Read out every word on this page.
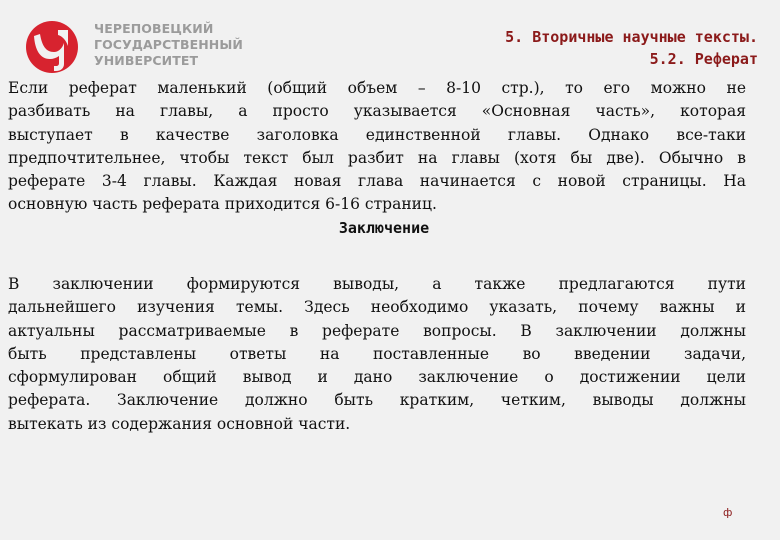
ЧЕРЕПОВЕЦКИЙ
ГОСУДАРСТВЕННЫЙ
УНИВЕРСИТЕТ
5. Вторичные научные тексты.
5.2. Реферат
Если реферат маленький (общий объем – 8-10 стр.), то его можно не
разбивать на главы, а просто указывается «Основная часть», которая
выступает в качестве заголовка единственной главы. Однако все-таки
предпочтительнее, чтобы текст был разбит на главы (хотя бы две). Обычно в
реферате 3-4 главы. Каждая новая глава начинается с новой страницы. На
основную часть реферата приходится 6-16 страниц.
Заключение
В заключении формируются выводы, а также предлагаются пути
дальнейшего изучения темы. Здесь необходимо указать, почему важны и
актуальны рассматриваемые в реферате вопросы. В заключении должны
быть представлены ответы на поставленные во введении задачи,
сформулирован общий вывод и дано заключение о достижении цели
реферата. Заключение должно быть кратким, четким, выводы должны
вытекать из содержания основной части.
ф
